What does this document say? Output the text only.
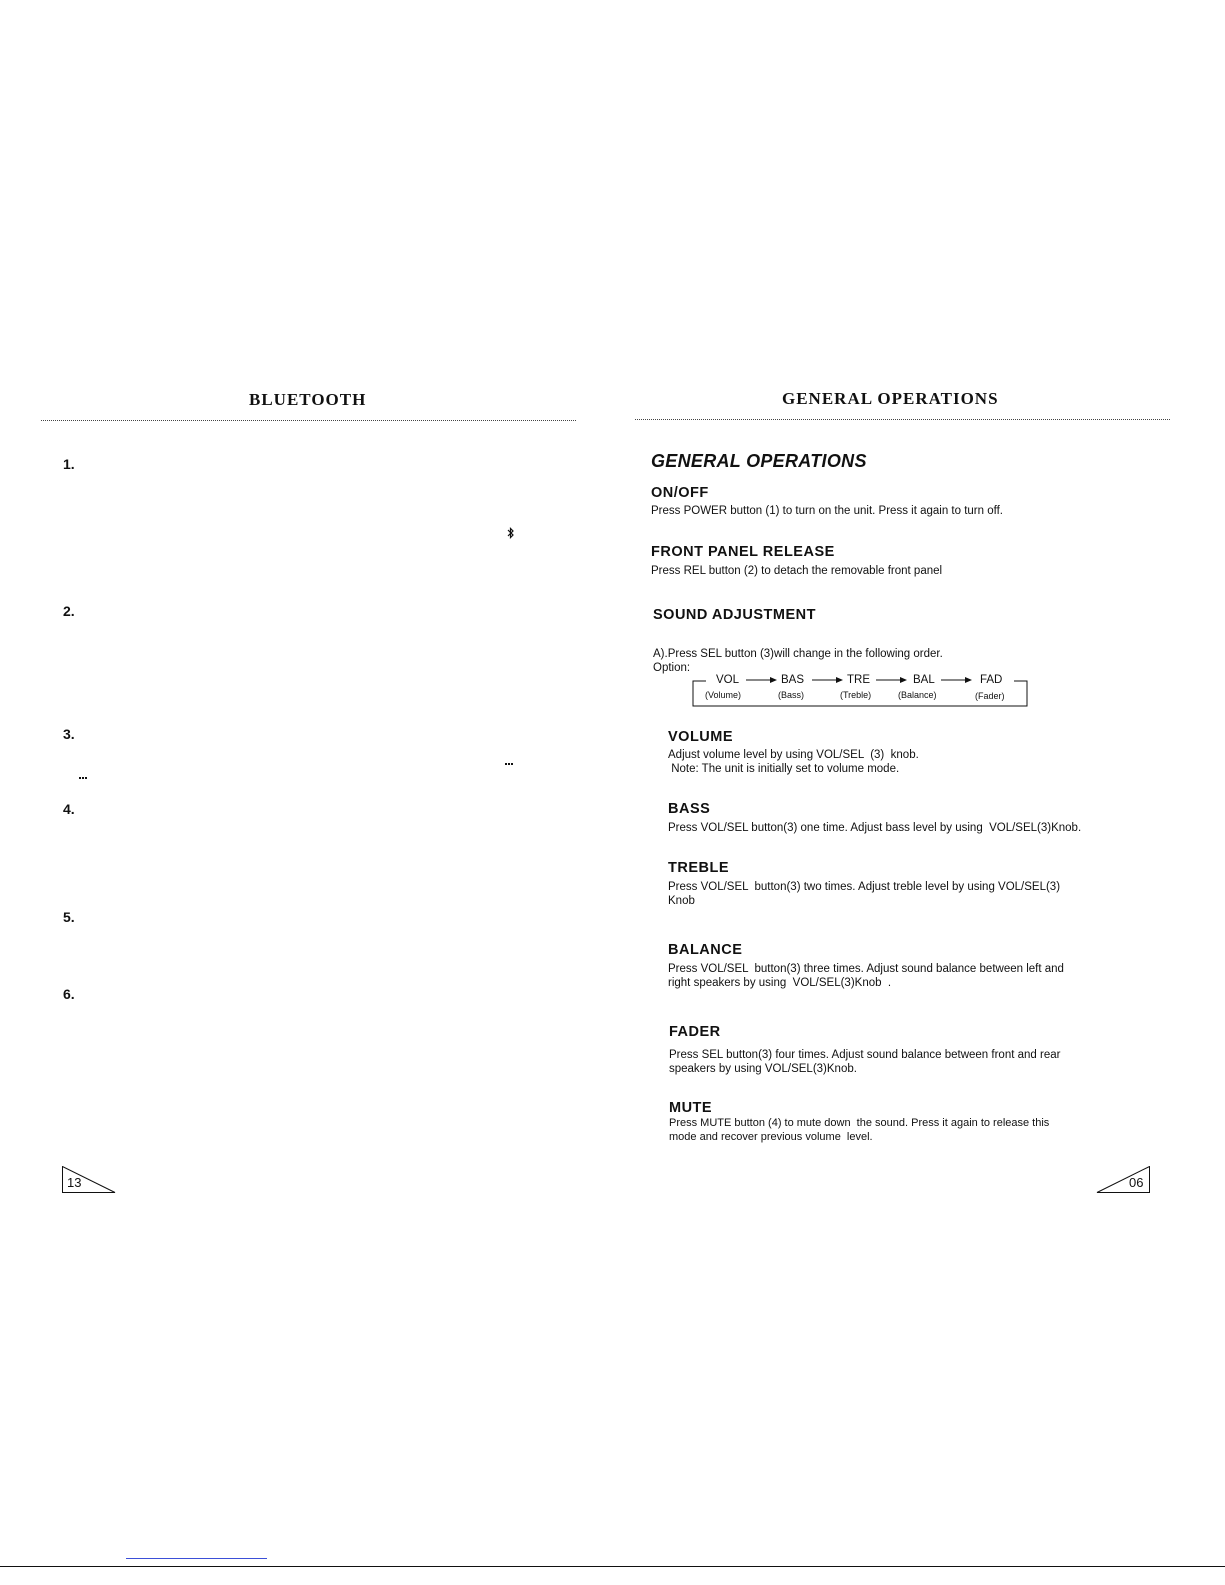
BLUETOOTH
1.
2.
3.
4.
5.
6.
13
GENERAL OPERATIONS
GENERAL OPERATIONS
ON/OFF
Press POWER button (1) to turn on the unit. Press it again to turn off.
FRONT PANEL RELEASE
Press REL button (2) to detach the removable front panel
SOUND ADJUSTMENT
A).Press SEL button (3)will change in the following order.
Option:
VOL
(Volume)
BAS
(Bass)
TRE
(Treble)
BAL
(Balance)
FAD
(Fader)
VOLUME
Adjust volume level by using VOL/SEL  (3)  knob.
Note: The unit is initially set to volume mode.
BASS
Press VOL/SEL button(3) one time. Adjust bass level by using  VOL/SEL(3)Knob.
TREBLE
Press VOL/SEL  button(3) two times. Adjust treble level by using VOL/SEL(3)
Knob
BALANCE
Press VOL/SEL  button(3) three times. Adjust sound balance between left and
right speakers by using  VOL/SEL(3)Knob  .
FADER
Press SEL button(3) four times. Adjust sound balance between front and rear
speakers by using VOL/SEL(3)Knob.
MUTE
Press MUTE button (4) to mute down  the sound. Press it again to release this
mode and recover previous volume  level.
06
